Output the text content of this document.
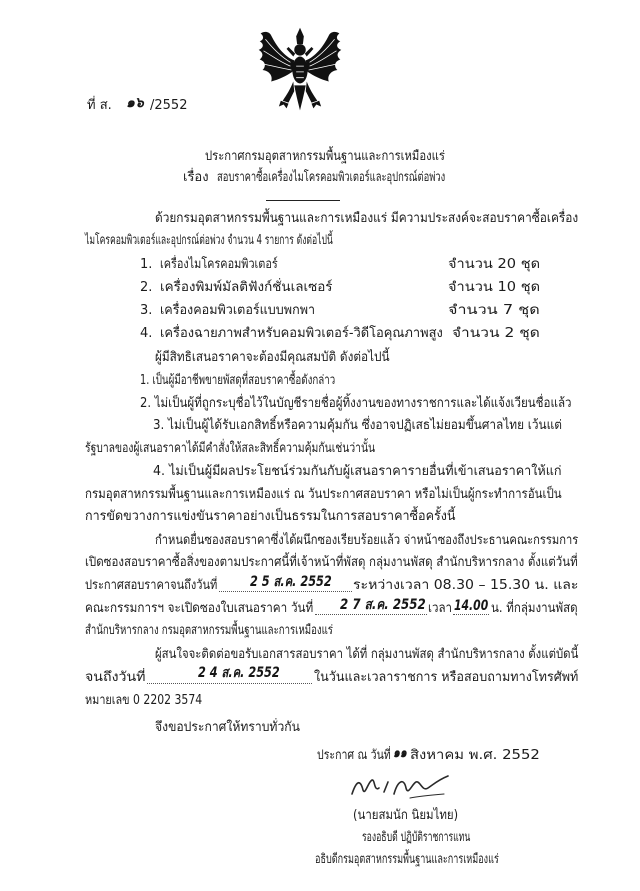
ที่ ส. ๑๖ /2552
ประกาศกรมอุตสาหกรรมพื้นฐานและการเหมืองแร่
เรื่อง สอบราคาซื้อเครื่องไมโครคอมพิวเตอร์และอุปกรณ์ต่อพ่วง
ด้วยกรมอุตสาหกรรมพื้นฐานและการเหมืองแร่ มีความประสงค์จะสอบราคาซื้อเครื่อง
ไมโครคอมพิวเตอร์และอุปกรณ์ต่อพ่วง จำนวน 4 รายการ ดังต่อไปนี้
1. เครื่องไมโครคอมพิวเตอร์	จำนวน 20 ชุด
2. เครื่องพิมพ์มัลติฟังก์ชั่นเลเซอร์	จำนวน 10 ชุด
3. เครื่องคอมพิวเตอร์แบบพกพา	จำนวน 7 ชุด
4. เครื่องฉายภาพสำหรับคอมพิวเตอร์-วิดีโอคุณภาพสูง จำนวน 2 ชุด
ผู้มีสิทธิเสนอราคาจะต้องมีคุณสมบัติ ดังต่อไปนี้
1. เป็นผู้มีอาชีพขายพัสดุที่สอบราคาซื้อดังกล่าว
2. ไม่เป็นผู้ที่ถูกระบุชื่อไว้ในบัญชีรายชื่อผู้ทิ้งงานของทางราชการและได้แจ้งเวียนชื่อแล้ว
3. ไม่เป็นผู้ได้รับเอกสิทธิ์หรือความคุ้มกัน ซึ่งอาจปฏิเสธไม่ยอมขึ้นศาลไทย เว้นแต่
รัฐบาลของผู้เสนอราคาได้มีคำสั่งให้สละสิทธิ์ความคุ้มกันเช่นว่านั้น
4. ไม่เป็นผู้มีผลประโยชน์ร่วมกันกับผู้เสนอราคารายอื่นที่เข้าเสนอราคาให้แก่
กรมอุตสาหกรรมพื้นฐานและการเหมืองแร่ ณ วันประกาศสอบราคา หรือไม่เป็นผู้กระทำการอันเป็น
การขัดขวางการแข่งขันราคาอย่างเป็นธรรมในการสอบราคาซื้อครั้งนี้
กำหนดยื่นซองสอบราคาซึ่งได้ผนึกซองเรียบร้อยแล้ว จ่าหน้าซองถึงประธานคณะกรรมการ
เปิดซองสอบราคาซื้อสิ่งของตามประกาศนี้ที่เจ้าหน้าที่พัสดุ กลุ่มงานพัสดุ สำนักบริหารกลาง ตั้งแต่วันที่
ประกาศสอบราคาจนถึงวันที่ 2 5 ส.ค. 2552 ระหว่างเวลา 08.30 – 15.30 น. และ
คณะกรรมการฯ จะเปิดซองใบเสนอราคา วันที่ 2 7 ส.ค. 2552 เวลา 14.00 น. ที่กลุ่มงานพัสดุ
สำนักบริหารกลาง กรมอุตสาหกรรมพื้นฐานและการเหมืองแร่
ผู้สนใจจะติดต่อขอรับเอกสารสอบราคา ได้ที่ กลุ่มงานพัสดุ สำนักบริหารกลาง ตั้งแต่บัดนี้
จนถึงวันที่	2 4 ส.ค. 2552	ในวันและเวลาราชการ หรือสอบถามทางโทรศัพท์
หมายเลข 0 2202 3574
จึงขอประกาศให้ทราบทั่วกัน
ประกาศ ณ วันที่ ๑๑ สิงหาคม พ.ศ. 2552
(นายสมนัก นิยมไทย)
รองอธิบดี ปฏิบัติราชการแทน
อธิบดีกรมอุตสาหกรรมพื้นฐานและการเหมืองแร่
